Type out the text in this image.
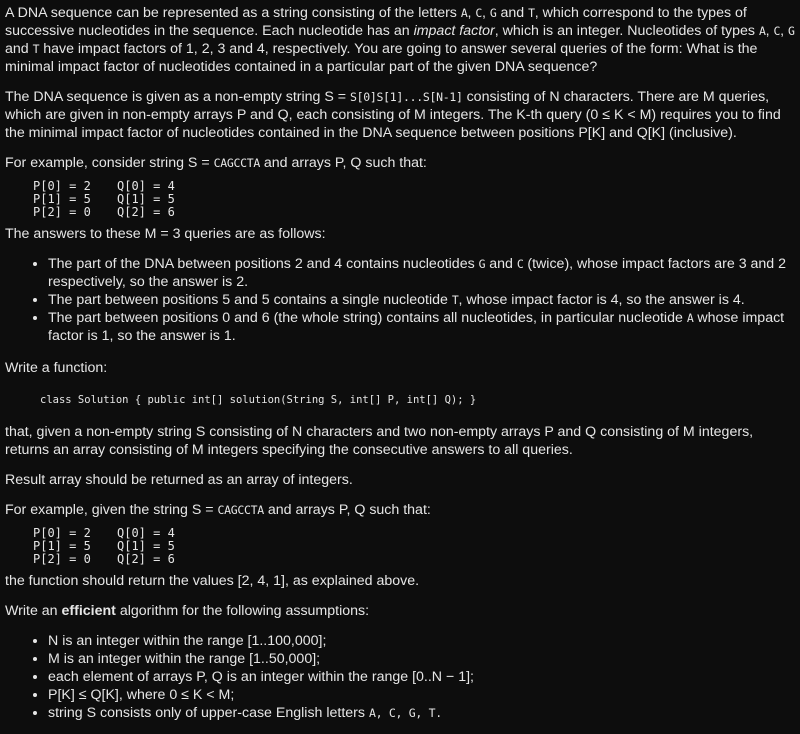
A DNA sequence can be represented as a string consisting of the letters A, C, G and T, which correspond to the types of successive nucleotides in the sequence. Each nucleotide has an impact factor, which is an integer. Nucleotides of types A, C, G and T have impact factors of 1, 2, 3 and 4, respectively. You are going to answer several queries of the form: What is the minimal impact factor of nucleotides contained in a particular part of the given DNA sequence?

The DNA sequence is given as a non-empty string S = S[0]S[1]...S[N-1] consisting of N characters. There are M queries, which are given in non-empty arrays P and Q, each consisting of M integers. The K-th query (0 ≤ K < M) requires you to find the minimal impact factor of nucleotides contained in the DNA sequence between positions P[K] and Q[K] (inclusive).

For example, consider string S = CAGCCTA and arrays P, Q such that:

P[0] = 2	Q[0] = 4
P[1] = 5	Q[1] = 5
P[2] = 0	Q[2] = 6

The answers to these M = 3 queries are as follows:

• The part of the DNA between positions 2 and 4 contains nucleotides G and C (twice), whose impact factors are 3 and 2 respectively, so the answer is 2.
• The part between positions 5 and 5 contains a single nucleotide T, whose impact factor is 4, so the answer is 4.
• The part between positions 0 and 6 (the whole string) contains all nucleotides, in particular nucleotide A whose impact factor is 1, so the answer is 1.

Write a function:

class Solution { public int[] solution(String S, int[] P, int[] Q); }

that, given a non-empty string S consisting of N characters and two non-empty arrays P and Q consisting of M integers, returns an array consisting of M integers specifying the consecutive answers to all queries.

Result array should be returned as an array of integers.

For example, given the string S = CAGCCTA and arrays P, Q such that:

P[0] = 2	Q[0] = 4
P[1] = 5	Q[1] = 5
P[2] = 0	Q[2] = 6

the function should return the values [2, 4, 1], as explained above.

Write an efficient algorithm for the following assumptions:

• N is an integer within the range [1..100,000];
• M is an integer within the range [1..50,000];
• each element of arrays P, Q is an integer within the range [0..N − 1];
• P[K] ≤ Q[K], where 0 ≤ K < M;
• string S consists only of upper-case English letters A, C, G, T.
